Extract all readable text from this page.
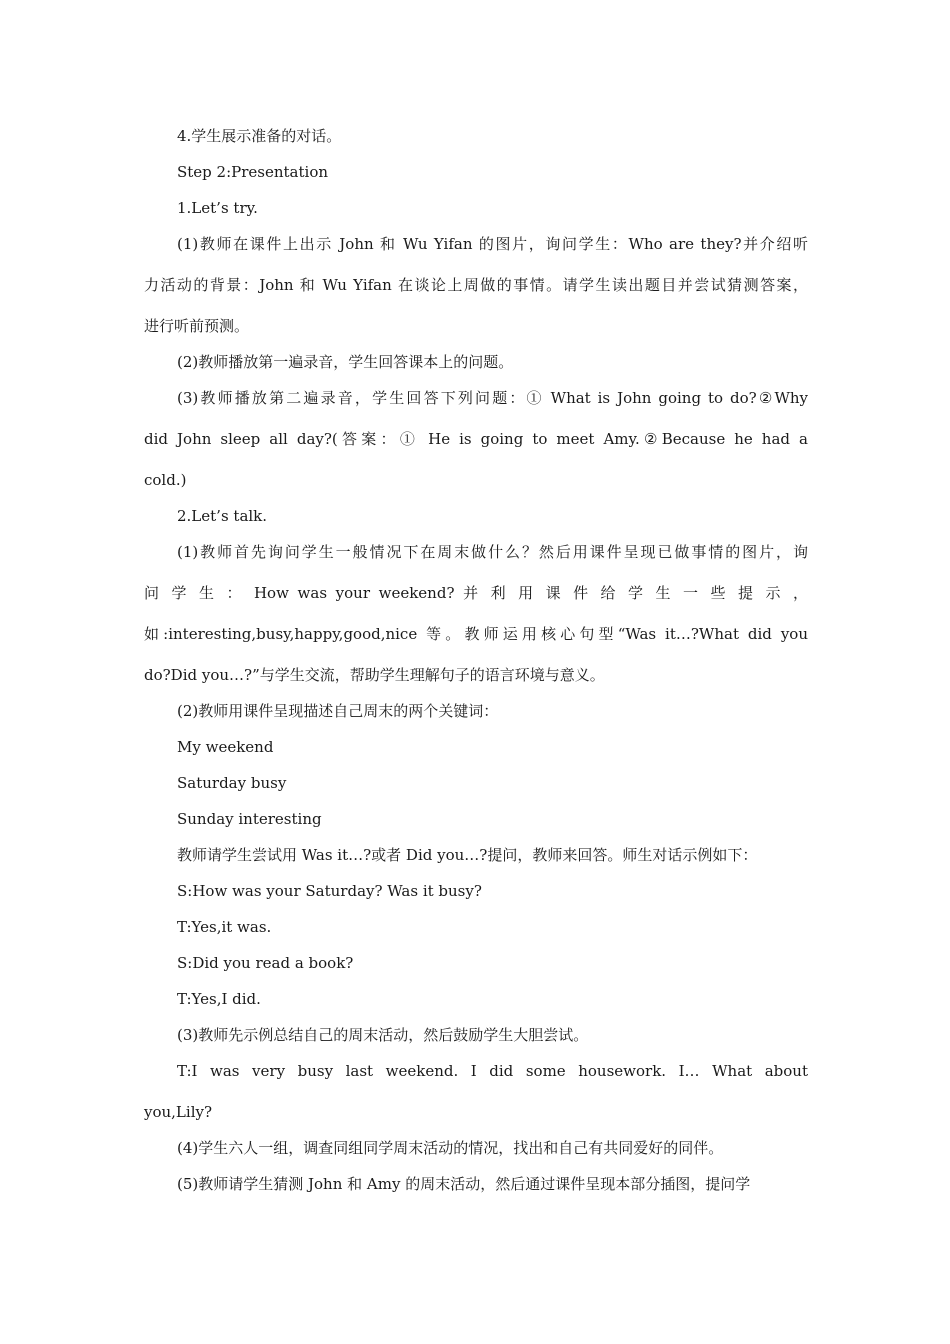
4.学生展示准备的对话。
Step 2:Presentation
1.Let’s try.
(1)教师在课件上出示 John 和 Wu Yifan 的图片，询问学生：Who are they?并介绍听
力活动的背景：John 和 Wu Yifan 在谈论上周做的事情。请学生读出题目并尝试猜测答案，
进行听前预测。
(2)教师播放第一遍录音，学生回答课本上的问题。
(3)教师播放第二遍录音，学生回答下列问题：① What is John going to do?②Why
did John sleep all day?(答案：① He is going to meet Amy.②Because he had a
cold.)
2.Let’s talk.
(1)教师首先询问学生一般情况下在周末做什么？然后用课件呈现已做事情的图片，询
问 学 生 ： How was your weekend? 并 利 用 课 件 给 学 生 一 些 提 示 ，
如:interesting,busy,happy,good,nice 等。教师运用核心句型“Was it…?What did you
do?Did you…?”与学生交流，帮助学生理解句子的语言环境与意义。
(2)教师用课件呈现描述自己周末的两个关键词：
My weekend
Saturday busy
Sunday interesting
教师请学生尝试用 Was it…?或者 Did you…?提问，教师来回答。师生对话示例如下：
S:How was your Saturday? Was it busy?
T:Yes,it was.
S:Did you read a book?
T:Yes,I did.
(3)教师先示例总结自己的周末活动，然后鼓励学生大胆尝试。
T:I was very busy last weekend. I did some housework. I… What about
you,Lily?
(4)学生六人一组，调查同组同学周末活动的情况，找出和自己有共同爱好的同伴。
(5)教师请学生猜测 John 和 Amy 的周末活动，然后通过课件呈现本部分插图，提问学
